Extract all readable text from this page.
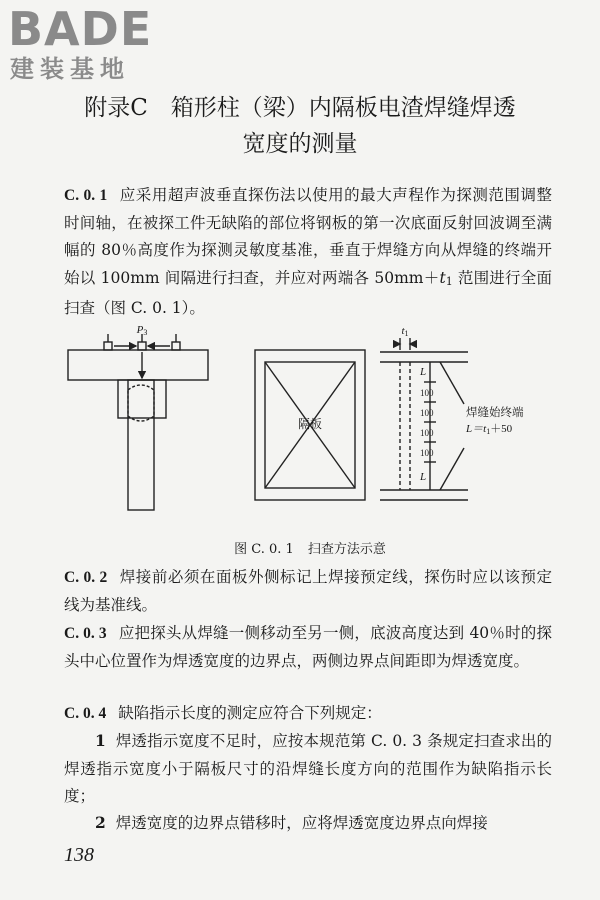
BADE
建装基地
附录C　箱形柱（梁）内隔板电渣焊缝焊透
宽度的测量
C. 0. 1 应采用超声波垂直探伤法以使用的最大声程作为探测范围调整时间轴，在被探工件无缺陷的部位将钢板的第一次底面反射回波调至满幅的 80％高度作为探测灵敏度基准，垂直于焊缝方向从焊缝的终端开始以 100mm 间隔进行扫查，并应对两端各 50mm＋t1 范围进行全面扫查（图 C. 0. 1）。
P3
隔板
t1
L
100
100
100
100
L
焊缝始终端
L＝t1＋50
图 C. 0. 1 扫查方法示意
C. 0. 2 焊接前必须在面板外侧标记上焊接预定线，探伤时应以该预定线为基准线。
C. 0. 3 应把探头从焊缝一侧移动至另一侧，底波高度达到 40％时的探头中心位置作为焊透宽度的边界点，两侧边界点间距即为焊透宽度。
C. 0. 4 缺陷指示长度的测定应符合下列规定：
1 焊透指示宽度不足时，应按本规范第 C. 0. 3 条规定扫查求出的焊透指示宽度小于隔板尺寸的沿焊缝长度方向的范围作为缺陷指示长度；
2 焊透宽度的边界点错移时，应将焊透宽度边界点向焊接
138
